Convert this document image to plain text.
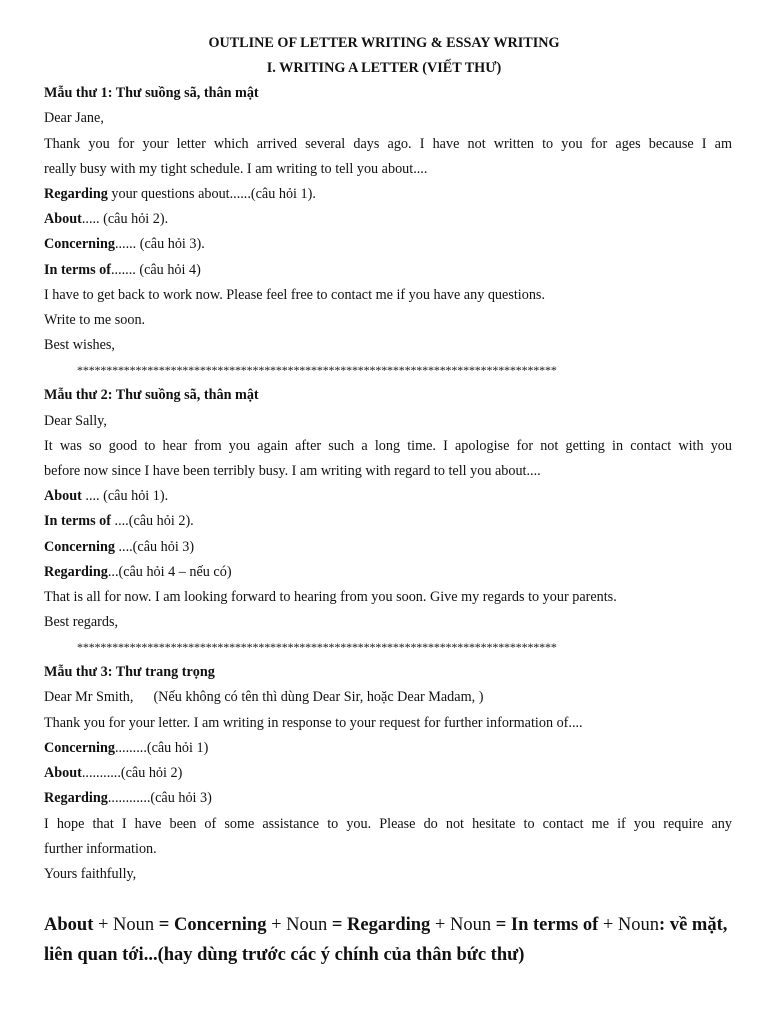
OUTLINE OF LETTER WRITING & ESSAY WRITING
I. WRITING A LETTER (VIẾT THƯ)
Mẫu thư 1: Thư suồng sã, thân mật
Dear Jane,
Thank you for your letter which arrived several days ago. I have not written to you for ages because I am
really busy with my tight schedule. I am writing to tell you about....
Regarding your questions about......(câu hỏi 1).
About..... (câu hỏi 2).
Concerning...... (câu hỏi 3).
In terms of....... (câu hỏi 4)
I have to get back to work now. Please feel free to contact me if you have any questions.
Write to me soon.
Best wishes,
**********************************************************************************
Mẫu thư 2: Thư suồng sã, thân mật
Dear Sally,
It was so good to hear from you again after such a long time. I apologise for not getting in contact with you
before now since I have been terribly busy. I am writing with regard to tell you about....
About .... (câu hỏi 1).
In terms of ....(câu hỏi 2).
Concerning ....(câu hỏi 3)
Regarding...(câu hỏi 4 – nếu có)
That is all for now. I am looking forward to hearing from you soon. Give my regards to your parents.
Best regards,
**********************************************************************************
Mẫu thư 3: Thư trang trọng
Dear Mr Smith, (Nếu không có tên thì dùng Dear Sir, hoặc Dear Madam, )
Thank you for your letter. I am writing in response to your request for further information of....
Concerning.........(câu hỏi 1)
About...........(câu hỏi 2)
Regarding............(câu hỏi 3)
I hope that I have been of some assistance to you. Please do not hesitate to contact me if you require any
further information.
Yours faithfully,
About + Noun = Concerning + Noun = Regarding + Noun = In terms of + Noun: về mặt,
liên quan tới...(hay dùng trước các ý chính của thân bức thư)
